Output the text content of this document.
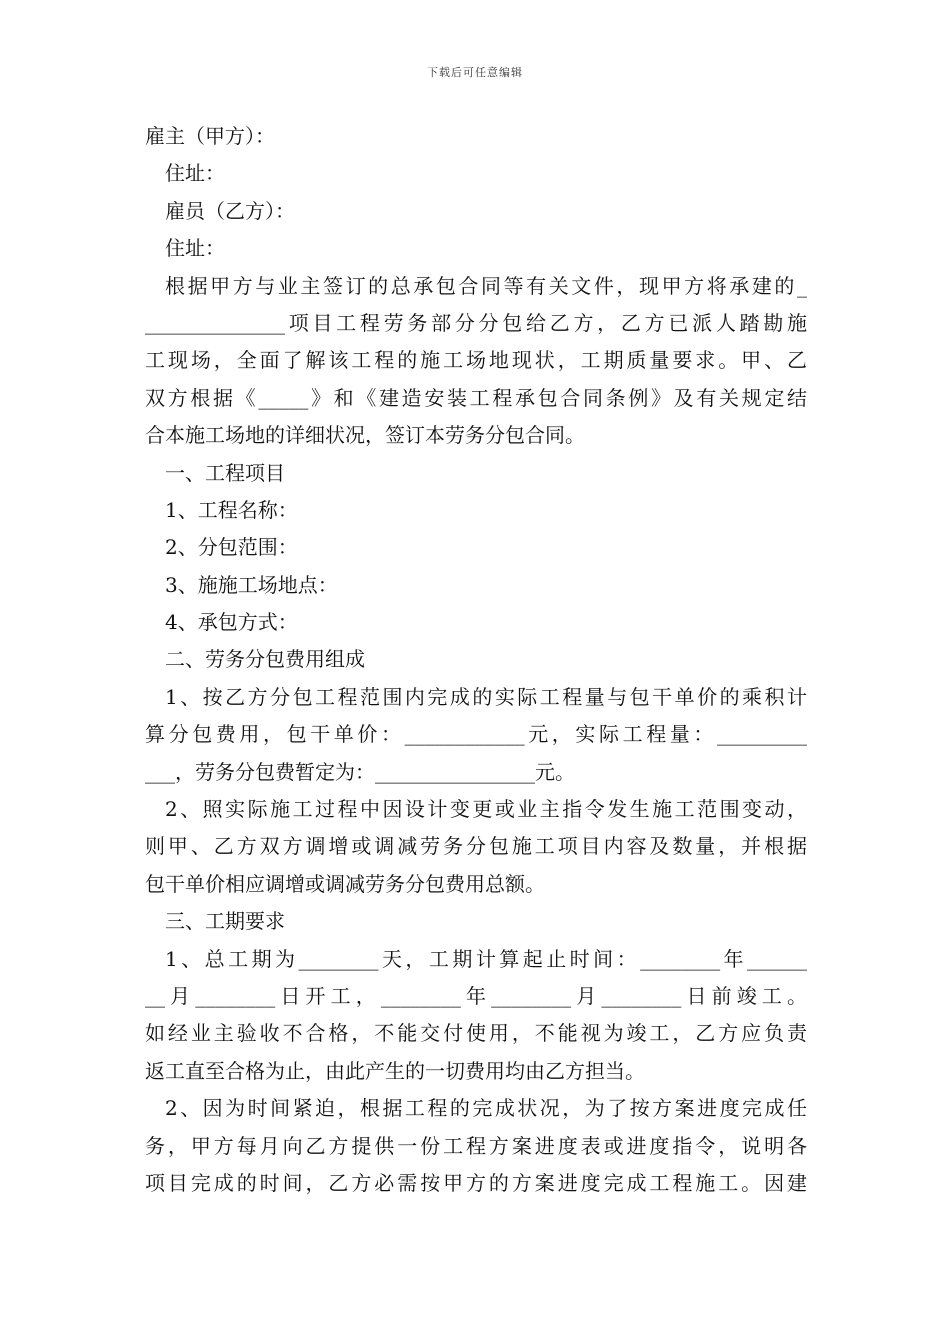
下载后可任意编辑
雇主（甲方）：
住址：
雇员（乙方）：
住址：
根据甲方与业主签订的总承包合同等有关文件，现甲方将承建的_
______________项目工程劳务部分分包给乙方，乙方已派人踏勘施
工现场，全面了解该工程的施工场地现状，工期质量要求。甲、乙
双方根据《_____》和《建造安装工程承包合同条例》及有关规定结
合本施工场地的详细状况，签订本劳务分包合同。
一、工程项目
1、工程名称：
2、分包范围：
3、施施工场地点：
4、承包方式：
二、劳务分包费用组成
1、按乙方分包工程范围内完成的实际工程量与包干单价的乘积计
算分包费用，包干单价：____________元，实际工程量：_________
___，劳务分包费暂定为：________________元。
2、照实际施工过程中因设计变更或业主指令发生施工范围变动，
则甲、乙方双方调增或调减劳务分包施工项目内容及数量，并根据
包干单价相应调增或调减劳务分包费用总额。
三、工期要求
1、总工期为________天，工期计算起止时间：________年______
__月________日开工，________年________月________日前竣工。
如经业主验收不合格，不能交付使用，不能视为竣工，乙方应负责
返工直至合格为止，由此产生的一切费用均由乙方担当。
2、因为时间紧迫，根据工程的完成状况，为了按方案进度完成任
务，甲方每月向乙方提供一份工程方案进度表或进度指令，说明各
项目完成的时间，乙方必需按甲方的方案进度完成工程施工。因建
